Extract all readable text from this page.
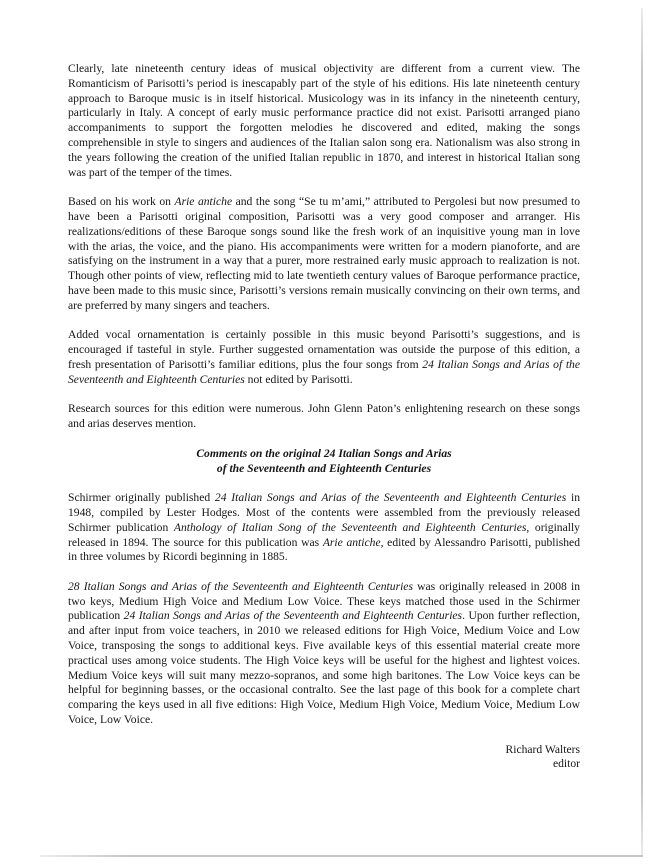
Clearly, late nineteenth century ideas of musical objectivity are different from a current view. The Romanticism of Parisotti’s period is inescapably part of the style of his editions. His late nineteenth century approach to Baroque music is in itself historical. Musicology was in its infancy in the nineteenth century, particularly in Italy. A concept of early music performance practice did not exist. Parisotti arranged piano accompaniments to support the forgotten melodies he discovered and edited, making the songs comprehensible in style to singers and audiences of the Italian salon song era. Nationalism was also strong in the years following the creation of the unified Italian republic in 1870, and interest in historical Italian song was part of the temper of the times.

Based on his work on Arie antiche and the song “Se tu m’ami,” attributed to Pergolesi but now presumed to have been a Parisotti original composition, Parisotti was a very good composer and arranger. His realizations/editions of these Baroque songs sound like the fresh work of an inquisitive young man in love with the arias, the voice, and the piano. His accompaniments were written for a modern pianoforte, and are satisfying on the instrument in a way that a purer, more restrained early music approach to realization is not. Though other points of view, reflecting mid to late twentieth century values of Baroque performance practice, have been made to this music since, Parisotti’s versions remain musically convincing on their own terms, and are preferred by many singers and teachers.

Added vocal ornamentation is certainly possible in this music beyond Parisotti’s suggestions, and is encouraged if tasteful in style. Further suggested ornamentation was outside the purpose of this edition, a fresh presentation of Parisotti’s familiar editions, plus the four songs from 24 Italian Songs and Arias of the Seventeenth and Eighteenth Centuries not edited by Parisotti.

Research sources for this edition were numerous. John Glenn Paton’s enlightening research on these songs and arias deserves mention.

Comments on the original 24 Italian Songs and Arias
of the Seventeenth and Eighteenth Centuries

Schirmer originally published 24 Italian Songs and Arias of the Seventeenth and Eighteenth Centuries in 1948, compiled by Lester Hodges. Most of the contents were assembled from the previously released Schirmer publication Anthology of Italian Song of the Seventeenth and Eighteenth Centuries, originally released in 1894. The source for this publication was Arie antiche, edited by Alessandro Parisotti, published in three volumes by Ricordi beginning in 1885.

28 Italian Songs and Arias of the Seventeenth and Eighteenth Centuries was originally released in 2008 in two keys, Medium High Voice and Medium Low Voice. These keys matched those used in the Schirmer publication 24 Italian Songs and Arias of the Seventeenth and Eighteenth Centuries. Upon further reflection, and after input from voice teachers, in 2010 we released editions for High Voice, Medium Voice and Low Voice, transposing the songs to additional keys. Five available keys of this essential material create more practical uses among voice students. The High Voice keys will be useful for the highest and lightest voices. Medium Voice keys will suit many mezzo-sopranos, and some high baritones. The Low Voice keys can be helpful for beginning basses, or the occasional contralto. See the last page of this book for a complete chart comparing the keys used in all five editions: High Voice, Medium High Voice, Medium Voice, Medium Low Voice, Low Voice.

Richard Walters
editor
